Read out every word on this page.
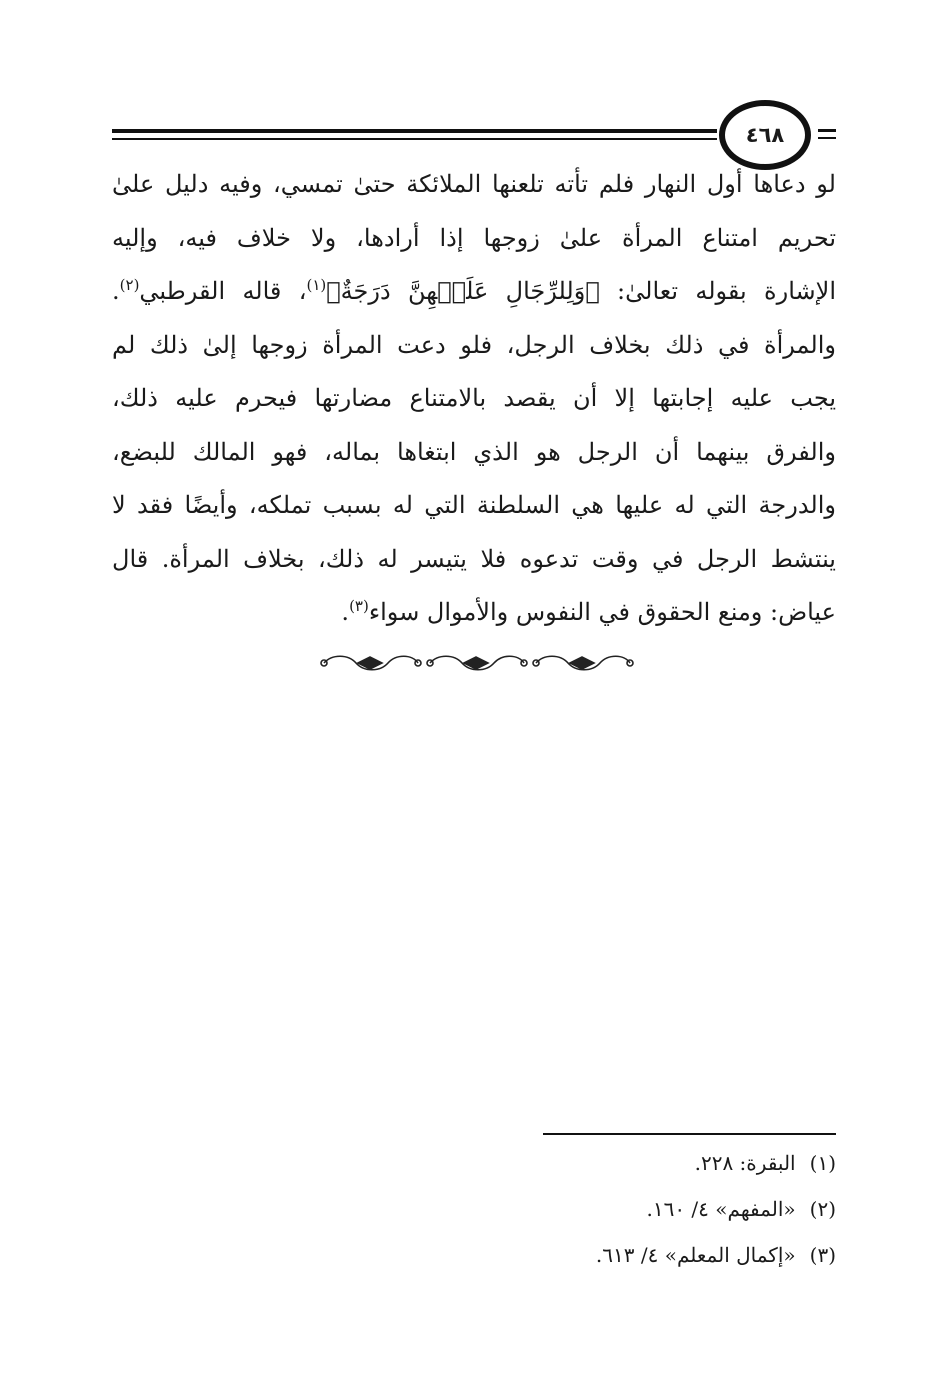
٤٦٨
لو دعاها أول النهار فلم تأته تلعنها الملائكة حتىٰ تمسي، وفيه دليل علىٰ
تحريم امتناع المرأة علىٰ زوجها إذا أرادها، ولا خلاف فيه، وإليه
الإشارة بقوله تعالىٰ: ﴿وَلِلرِّجَالِ عَلَيۡهِنَّ دَرَجَةٌ﴾$^{(١)}$، قاله القرطبي$^{(٢)}$.
والمرأة في ذلك بخلاف الرجل، فلو دعت المرأة زوجها إلىٰ ذلك لم
يجب عليه إجابتها إلا أن يقصد بالامتناع مضارتها فيحرم عليه ذلك،
والفرق بينهما أن الرجل هو الذي ابتغاها بماله، فهو المالك للبضع،
والدرجة التي له عليها هي السلطنة التي له بسبب تملكه، وأيضًا فقد لا
ينتشط الرجل في وقت تدعوه فلا يتيسر له ذلك، بخلاف المرأة. قال
عياض: ومنع الحقوق في النفوس والأموال سواء$^{(٣)}$.
(١)البقرة: ٢٢٨.
(٢)«المفهم» ٤/ ١٦٠.
(٣)«إكمال المعلم» ٤/ ٦١٣.
